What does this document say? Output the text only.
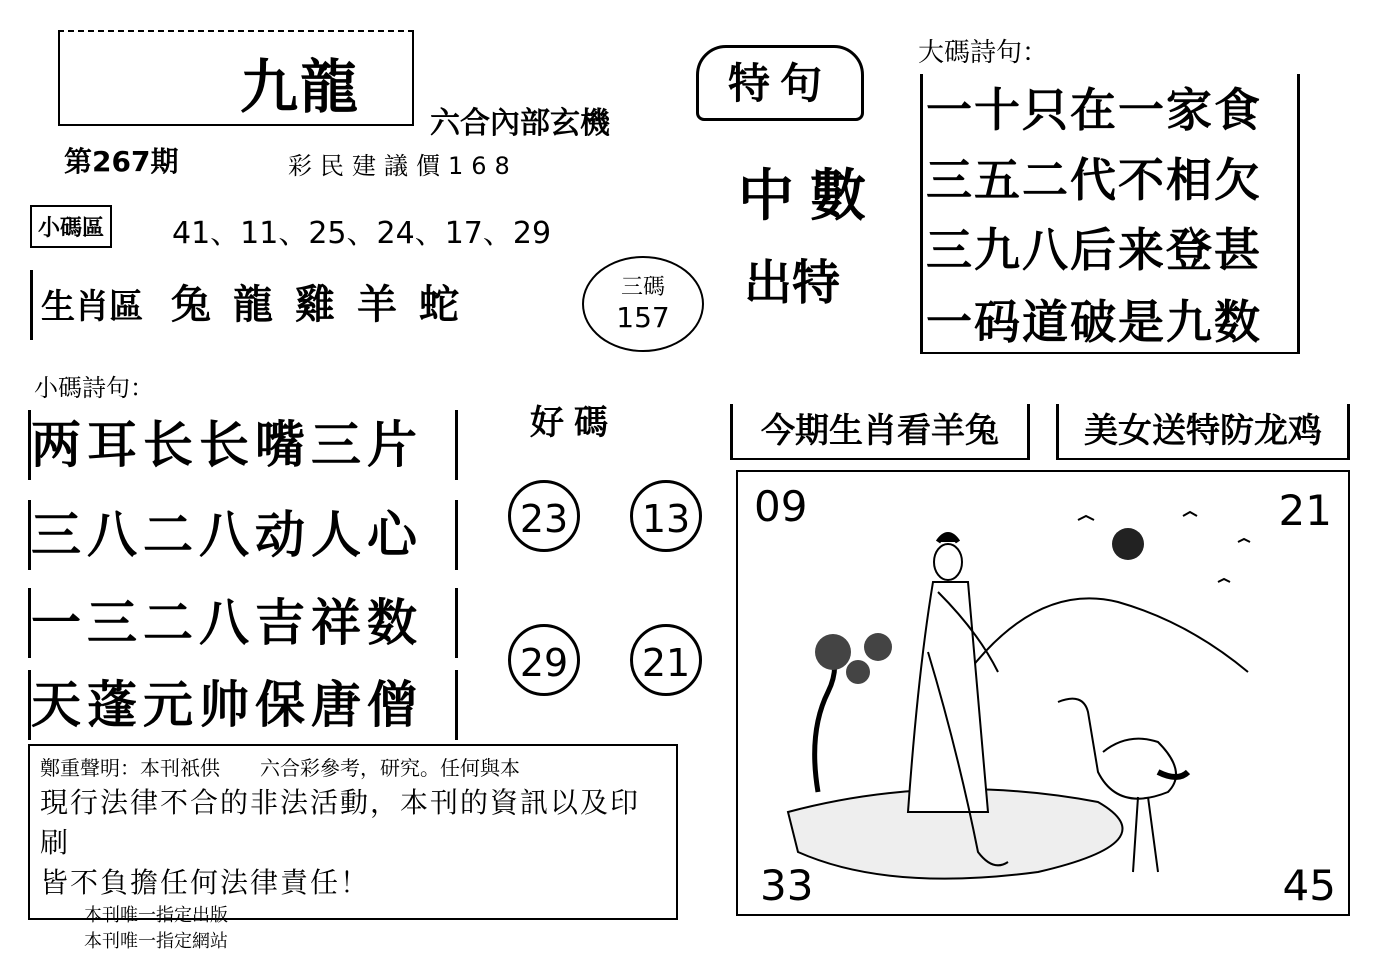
九龍
六合內部玄機
第267期	彩民建議價168
小碼區 41、11、25、24、17、29
生肖區 兔龍雞羊蛇	三碼
157
小碼詩句：
两耳长长嘴三片
三八二八动人心
一三二八吉祥数
天蓬元帅保唐僧
好碼
23	13
29	21
特句
中數
出特
大碼詩句：
一十只在一家食
三五二代不相欠
三九八后来登甚
一码道破是九数
今期生肖看羊兔	美女送特防龙鸡
09	21
33	45
鄭重聲明：本刊祇供　　六合彩參考，研究。任何與本
現行法律不合的非法活動，本刊的資訊以及印刷
皆不負擔任何法律責任！
本刊唯一指定出版
本刊唯一指定網站
